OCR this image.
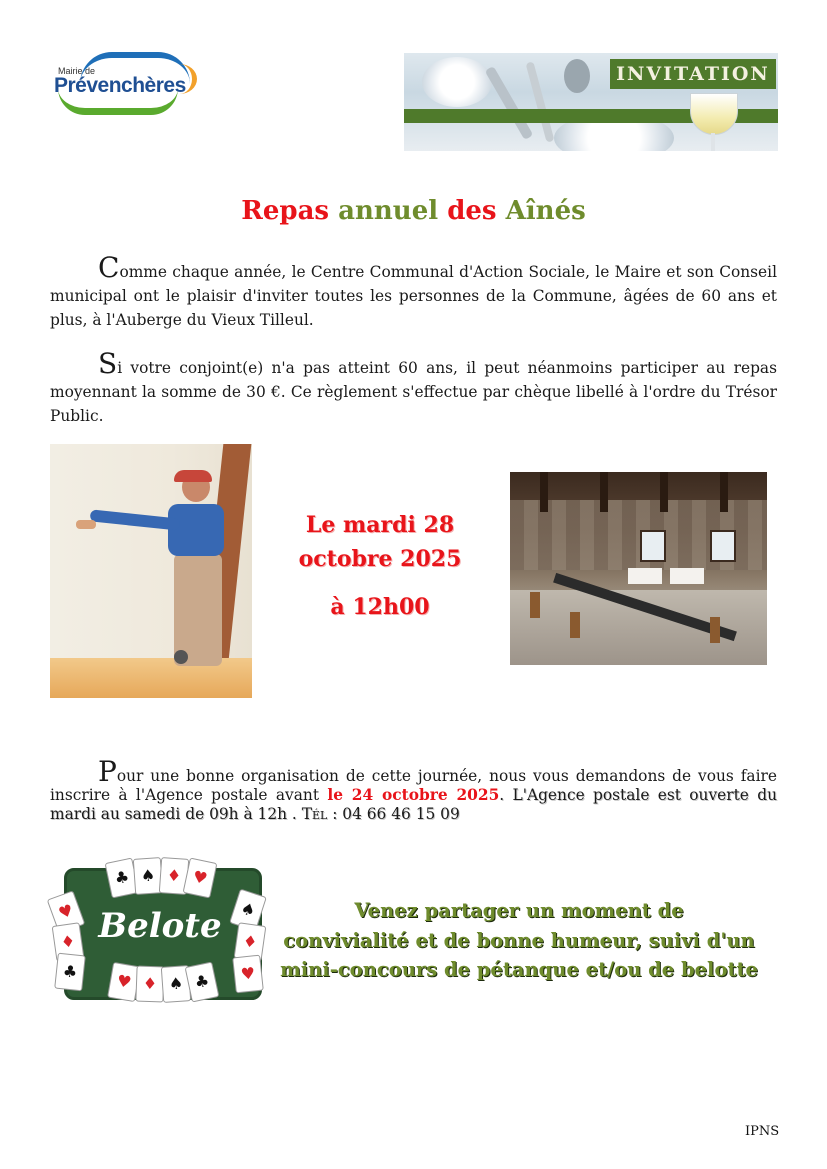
Mairie de
Prévenchères	INVITATION
Repas annuel des Aînés

Comme chaque année, le Centre Communal d'Action Sociale, le Maire et son Conseil municipal ont le plaisir d'inviter toutes les personnes de la Commune, âgées de 60 ans et plus, à l'Auberge du Vieux Tilleul.

Si votre conjoint(e) n'a pas atteint 60 ans, il peut néanmoins participer au repas moyennant la somme de 30 €. Ce règlement s'effectue par chèque libellé à l'ordre du Trésor Public.

Le mardi 28

octobre 2025

à 12h00

Pour une bonne organisation de cette journée, nous vous demandons de vous faire inscrire à l'Agence postale avant le 24 octobre 2025. L'Agence postale est ouverte du mardi au samedi de 09h à 12h . TÉL : 04 66 46 15 09

♣ ♠ ♦ ♥
♥
♦
♣
♠
♦
♥
♥ ♦ ♠ ♣
Belote	Venez partager un moment de
convivialité et de bonne humeur, suivi d'un
mini-concours de pétanque et/ou de belotte

IPNS
